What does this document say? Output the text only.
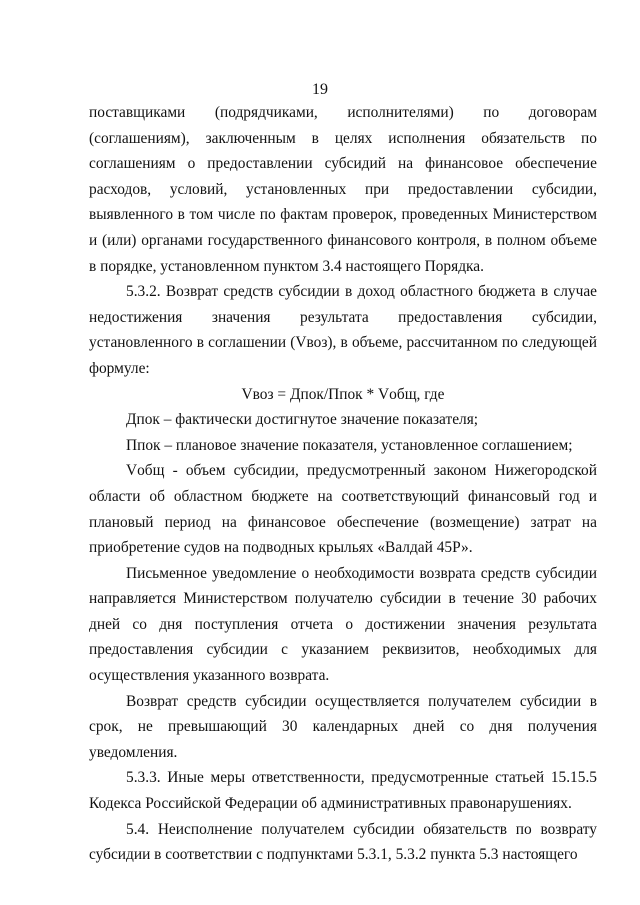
19

поставщиками (подрядчиками, исполнителями) по договорам (соглашениям), заключенным в целях исполнения обязательств по соглашениям о предоставлении субсидий на финансовое обеспечение расходов, условий, установленных при предоставлении субсидии, выявленного в том числе по фактам проверок, проведенных Министерством и (или) органами государственного финансового контроля, в полном объеме в порядке, установленном пунктом 3.4 настоящего Порядка.

5.3.2. Возврат средств субсидии в доход областного бюджета в случае недостижения значения результата предоставления субсидии, установленного в соглашении (Vвоз), в объеме, рассчитанном по следующей формуле:

Vвоз = Дпок/Ппок * Vобщ, где

Дпок – фактически достигнутое значение показателя;

Ппок – плановое значение показателя, установленное соглашением;

Vобщ - объем субсидии, предусмотренный законом Нижегородской области об областном бюджете на соответствующий финансовый год и плановый период на финансовое обеспечение (возмещение) затрат на приобретение судов на подводных крыльях «Валдай 45Р».

Письменное уведомление о необходимости возврата средств субсидии направляется Министерством получателю субсидии в течение 30 рабочих дней со дня поступления отчета о достижении значения результата предоставления субсидии с указанием реквизитов, необходимых для осуществления указанного возврата.

Возврат средств субсидии осуществляется получателем субсидии в срок, не превышающий 30 календарных дней со дня получения уведомления.

5.3.3. Иные меры ответственности, предусмотренные статьей 15.15.5 Кодекса Российской Федерации об административных правонарушениях.

5.4. Неисполнение получателем субсидии обязательств по возврату субсидии в соответствии с подпунктами 5.3.1, 5.3.2 пункта 5.3 настоящего
